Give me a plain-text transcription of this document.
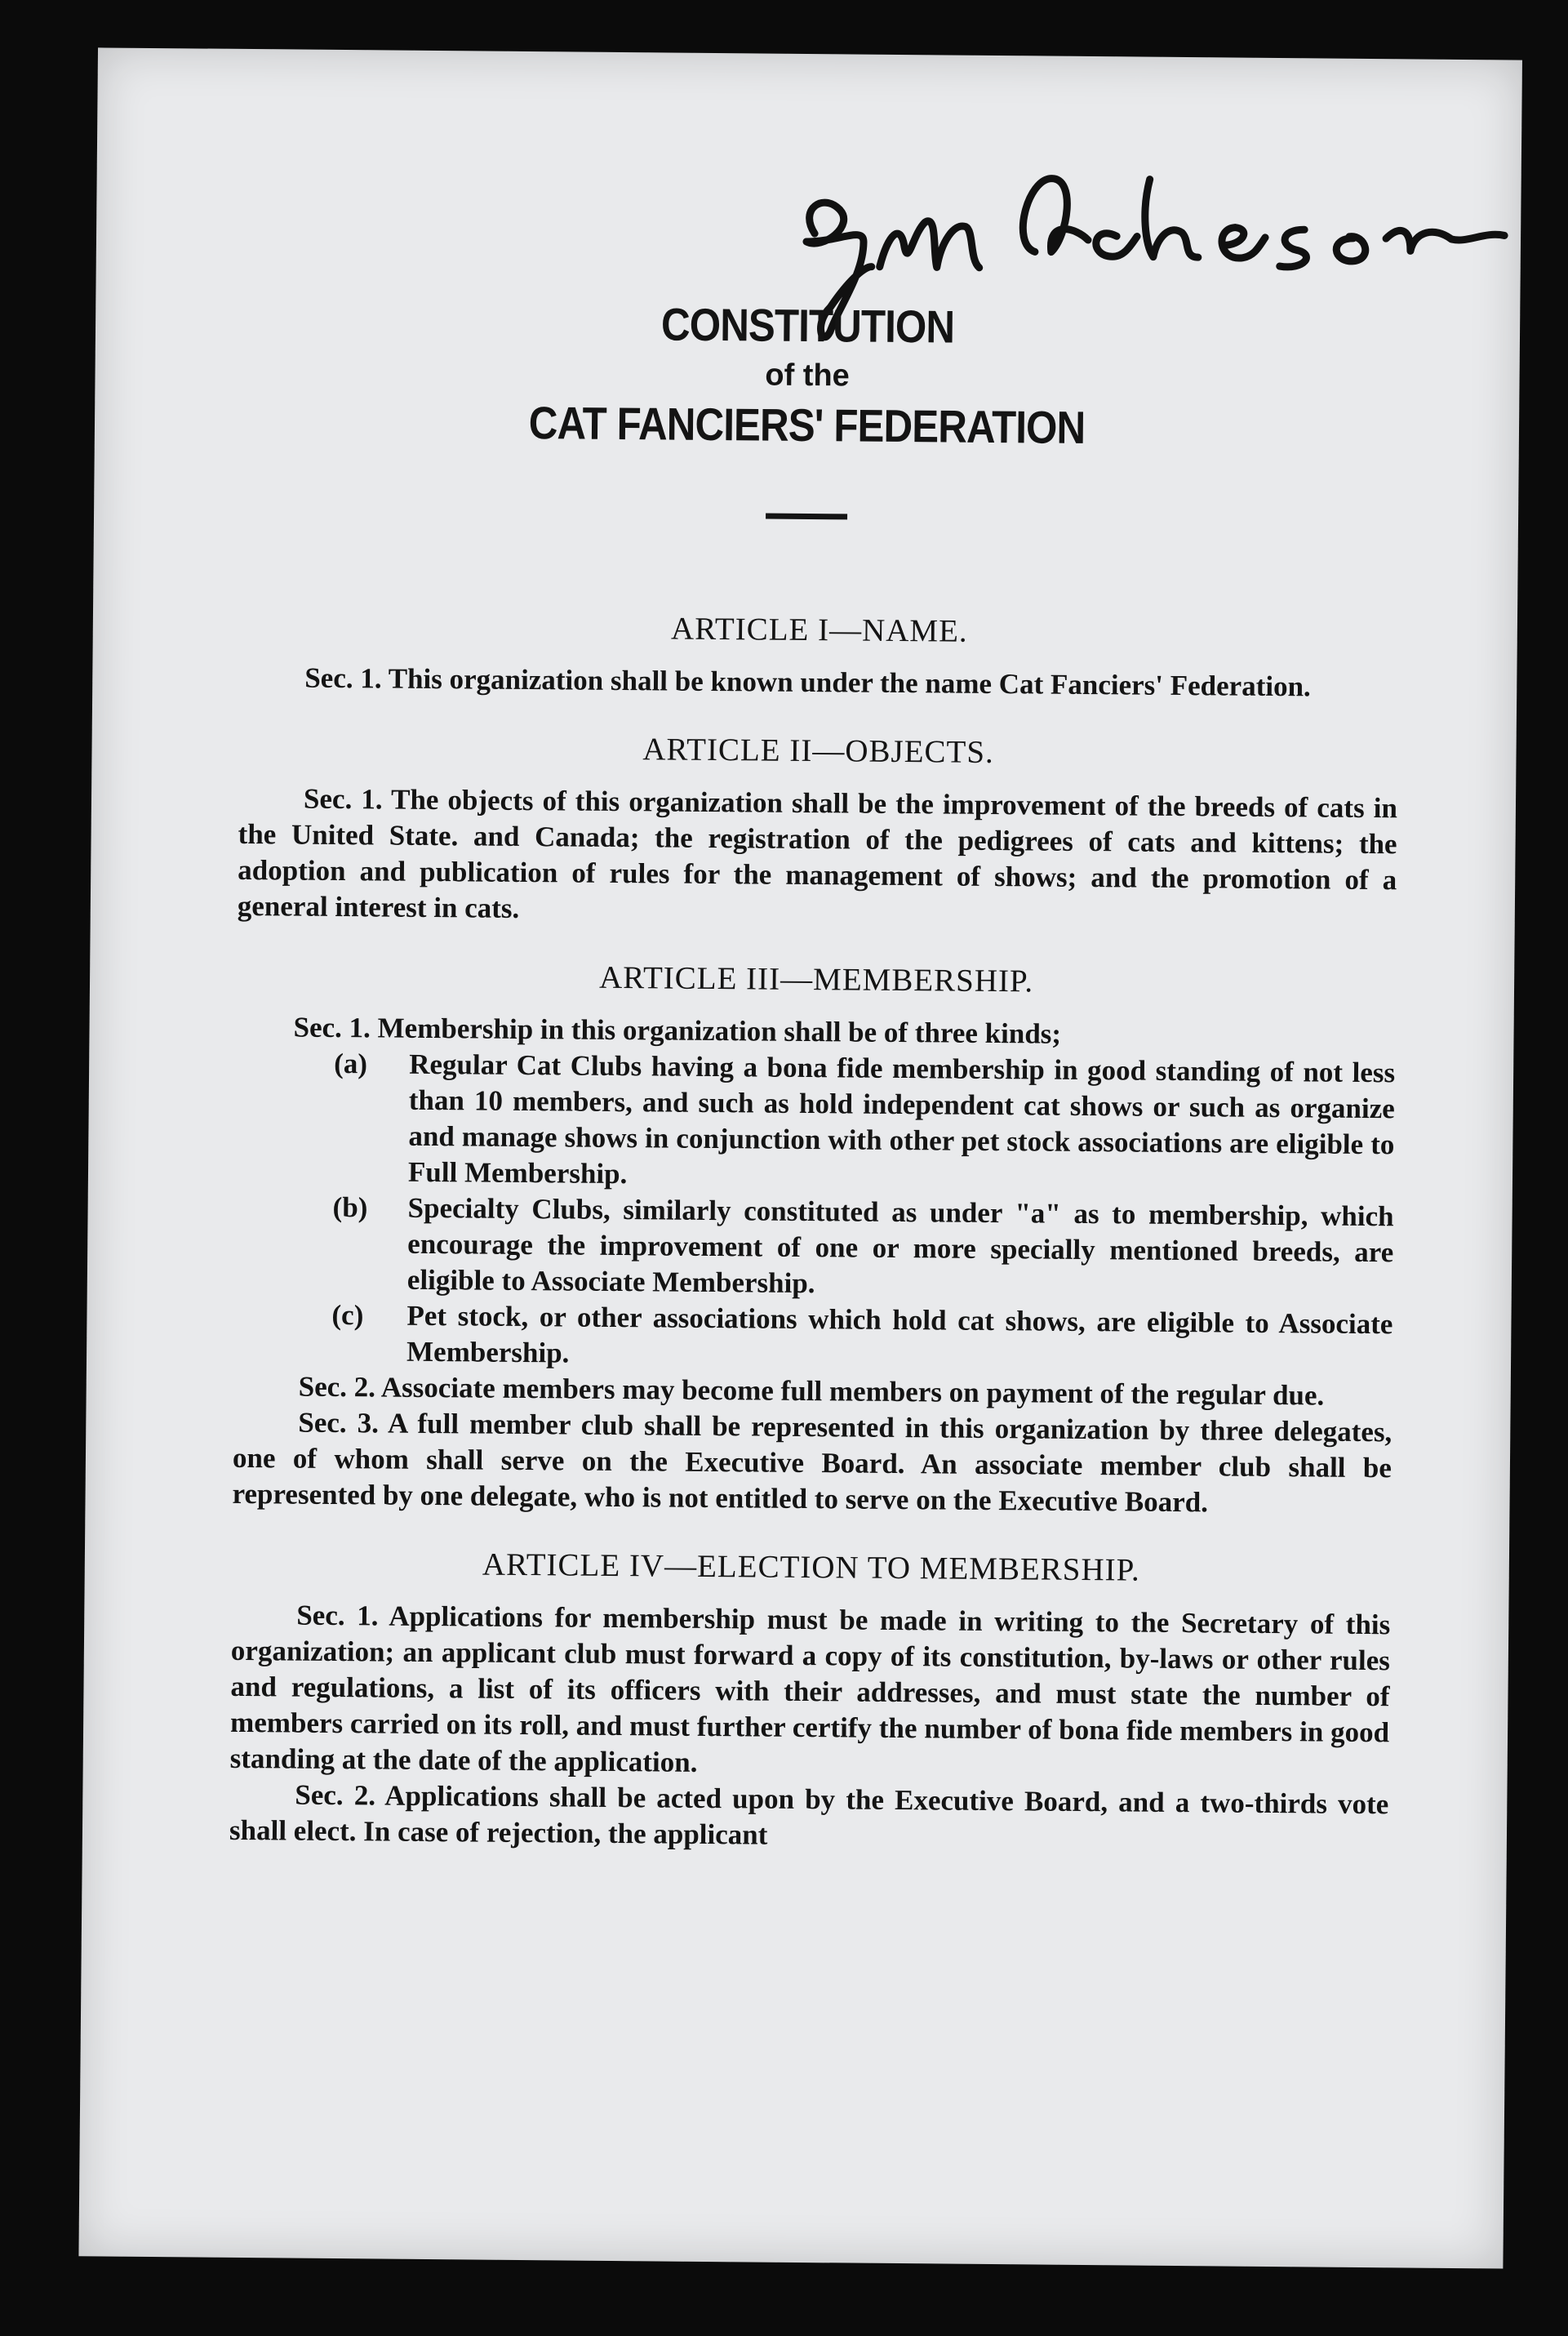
CONSTITUTION
of the
CAT FANCIERS' FEDERATION
ARTICLE I—NAME.

Sec. 1. This organization shall be known under the name Cat Fanciers' Federation.

ARTICLE II—OBJECTS.

Sec. 1. The objects of this organization shall be the improvement of the breeds of cats in the United State. and Canada; the registration of the pedigrees of cats and kittens; the adoption and publication of rules for the management of shows; and the promotion of a general interest in cats.

ARTICLE III—MEMBERSHIP.

Sec. 1. Membership in this organization shall be of three kinds;

(a)	Regular Cat Clubs having a bona fide membership in good standing of not less than 10 members, and such as hold independent cat shows or such as organize and manage shows in conjunction with other pet stock associations are eligible to Full Membership.
(b)	Specialty Clubs, similarly constituted as under "a" as to membership, which encourage the improvement of one or more specially mentioned breeds, are eligible to Associate Membership.
(c)	Pet stock, or other associations which hold cat shows, are eligible to Associate Membership.

Sec. 2. Associate members may become full members on payment of the regular due.

Sec. 3. A full member club shall be represented in this organization by three delegates, one of whom shall serve on the Executive Board. An associate member club shall be represented by one delegate, who is not entitled to serve on the Executive Board.

ARTICLE IV—ELECTION TO MEMBERSHIP.

Sec. 1. Applications for membership must be made in writing to the Secretary of this organization; an applicant club must forward a copy of its constitution, by-laws or other rules and regulations, a list of its officers with their addresses, and must state the number of members carried on its roll, and must further certify the number of bona fide members in good standing at the date of the application.

Sec. 2. Applications shall be acted upon by the Executive Board, and a two-thirds vote shall elect. In case of rejection, the applicant
